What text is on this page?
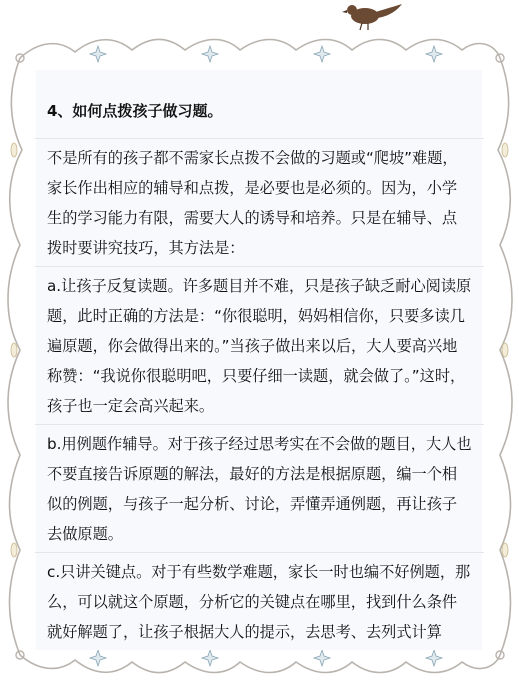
4、如何点拨孩子做习题。

不是所有的孩子都不需家长点拨不会做的习题或“爬坡”难题，家长作出相应的辅导和点拨，是必要也是必须的。因为，小学生的学习能力有限，需要大人的诱导和培养。只是在辅导、点拨时要讲究技巧，其方法是：

a.让孩子反复读题。许多题目并不难，只是孩子缺乏耐心阅读原题，此时正确的方法是：“你很聪明，妈妈相信你，只要多读几遍原题，你会做得出来的。”当孩子做出来以后，大人要高兴地称赞：“我说你很聪明吧，只要仔细一读题，就会做了。”这时，孩子也一定会高兴起来。

b.用例题作辅导。对于孩子经过思考实在不会做的题目，大人也不要直接告诉原题的解法，最好的方法是根据原题，编一个相似的例题，与孩子一起分析、讨论，弄懂弄通例题，再让孩子去做原题。

c.只讲关键点。对于有些数学难题，家长一时也编不好例题，那么，可以就这个原题，分析它的关键点在哪里，找到什么条件就好解题了，让孩子根据大人的提示，去思考、去列式计算
